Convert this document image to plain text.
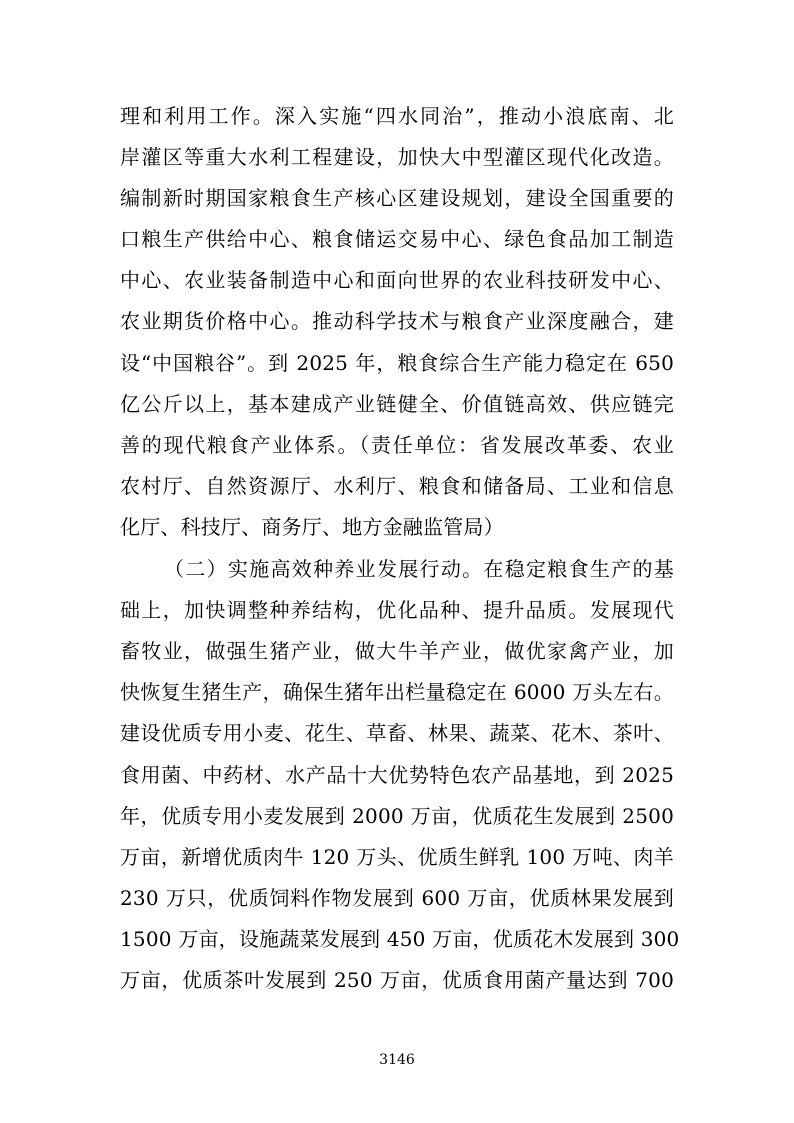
理和利用工作。深入实施“四水同治”，推动小浪底南、北
岸灌区等重大水利工程建设，加快大中型灌区现代化改造。
编制新时期国家粮食生产核心区建设规划，建设全国重要的
口粮生产供给中心、粮食储运交易中心、绿色食品加工制造
中心、农业装备制造中心和面向世界的农业科技研发中心、
农业期货价格中心。推动科学技术与粮食产业深度融合，建
设“中国粮谷”。到 2025 年，粮食综合生产能力稳定在 650
亿公斤以上，基本建成产业链健全、价值链高效、供应链完
善的现代粮食产业体系。（责任单位：省发展改革委、农业
农村厅、自然资源厅、水利厅、粮食和储备局、工业和信息
化厅、科技厅、商务厅、地方金融监管局）
（二）实施高效种养业发展行动。在稳定粮食生产的基
础上，加快调整种养结构，优化品种、提升品质。发展现代
畜牧业，做强生猪产业，做大牛羊产业，做优家禽产业，加
快恢复生猪生产，确保生猪年出栏量稳定在 6000 万头左右。
建设优质专用小麦、花生、草畜、林果、蔬菜、花木、茶叶、
食用菌、中药材、水产品十大优势特色农产品基地，到 2025
年，优质专用小麦发展到 2000 万亩，优质花生发展到 2500
万亩，新增优质肉牛 120 万头、优质生鲜乳 100 万吨、肉羊
230 万只，优质饲料作物发展到 600 万亩，优质林果发展到
1500 万亩，设施蔬菜发展到 450 万亩，优质花木发展到 300
万亩，优质茶叶发展到 250 万亩，优质食用菌产量达到 700
3146
